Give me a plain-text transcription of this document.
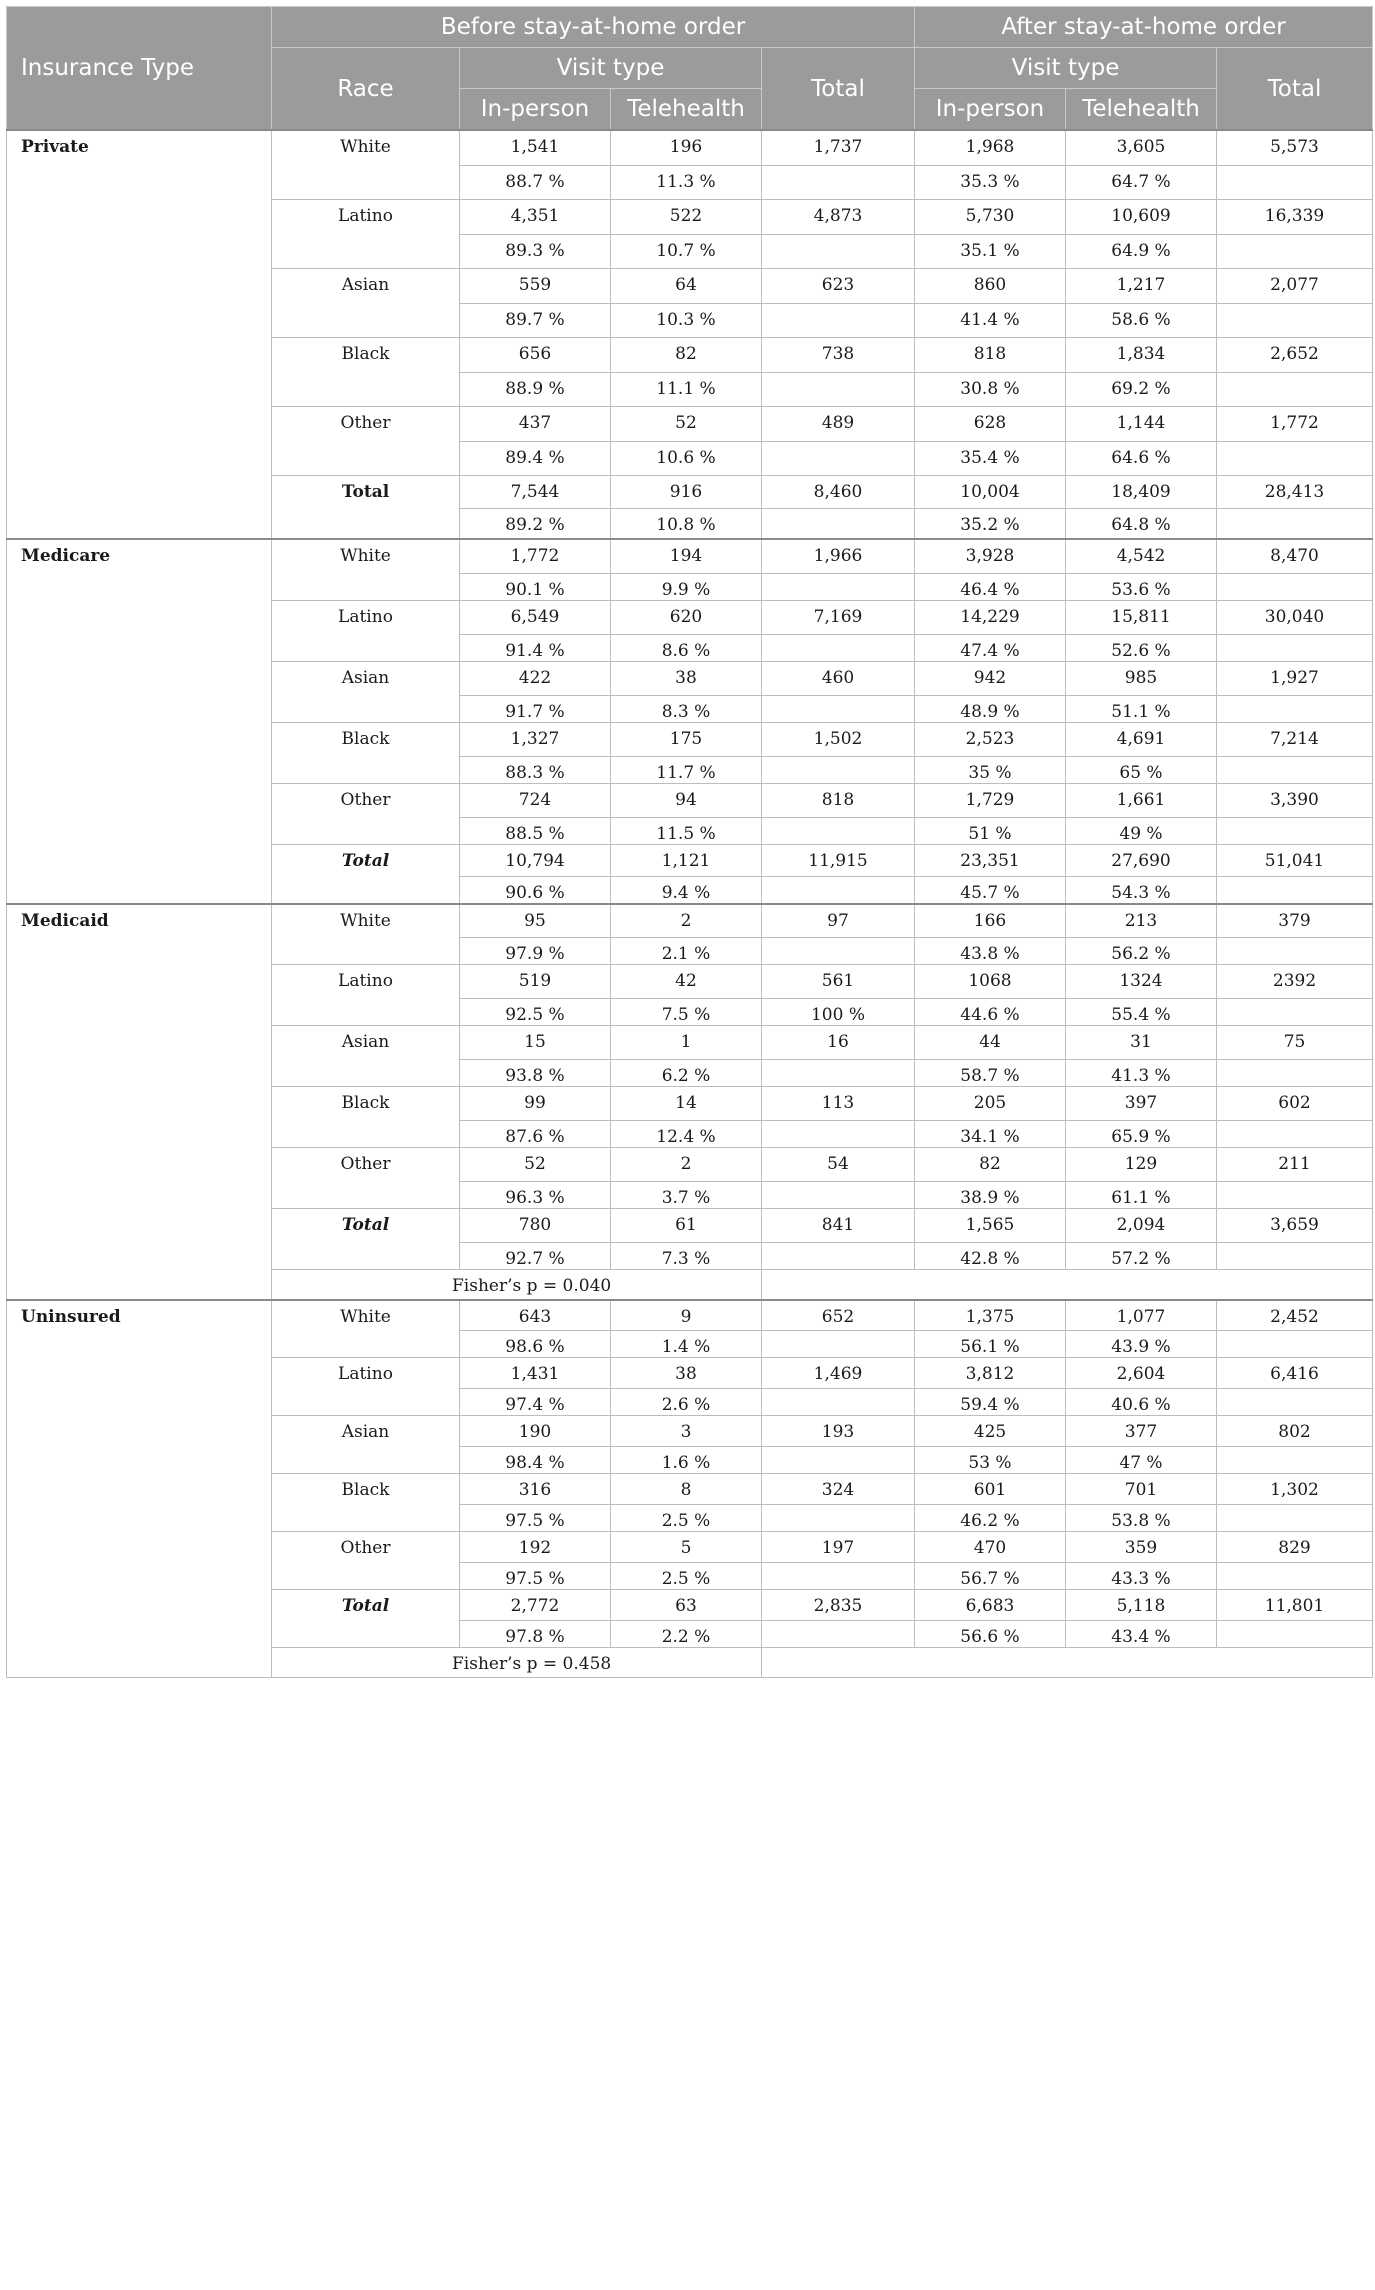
Insurance Type	Before stay-at-home order				After stay-at-home order		
	Race	Visit type		Total	Visit type		Total
		In-person	Telehealth		In-person	Telehealth	
Private	White	1,541	196	1,737	1,968	3,605	5,573
		88.7 %	11.3 %		35.3 %	64.7 %	
	Latino	4,351	522	4,873	5,730	10,609	16,339
		89.3 %	10.7 %		35.1 %	64.9 %	
	Asian	559	64	623	860	1,217	2,077
		89.7 %	10.3 %		41.4 %	58.6 %	
	Black	656	82	738	818	1,834	2,652
		88.9 %	11.1 %		30.8 %	69.2 %	
	Other	437	52	489	628	1,144	1,772
		89.4 %	10.6 %		35.4 %	64.6 %	
	Total	7,544	916	8,460	10,004	18,409	28,413
		89.2 %	10.8 %		35.2 %	64.8 %	
Medicare	White	1,772	194	1,966	3,928	4,542	8,470
		90.1 %	9.9 %		46.4 %	53.6 %	
	Latino	6,549	620	7,169	14,229	15,811	30,040
		91.4 %	8.6 %		47.4 %	52.6 %	
	Asian	422	38	460	942	985	1,927
		91.7 %	8.3 %		48.9 %	51.1 %	
	Black	1,327	175	1,502	2,523	4,691	7,214
		88.3 %	11.7 %		35 %	65 %	
	Other	724	94	818	1,729	1,661	3,390
		88.5 %	11.5 %		51 %	49 %	
	Total	10,794	1,121	11,915	23,351	27,690	51,041
		90.6 %	9.4 %		45.7 %	54.3 %	
Medicaid	White	95	2	97	166	213	379
		97.9 %	2.1 %		43.8 %	56.2 %	
	Latino	519	42	561	1068	1324	2392
		92.5 %	7.5 %	100 %	44.6 %	55.4 %	
	Asian	15	1	16	44	31	75
		93.8 %	6.2 %		58.7 %	41.3 %	
	Black	99	14	113	205	397	602
		87.6 %	12.4 %		34.1 %	65.9 %	
	Other	52	2	54	82	129	211
		96.3 %	3.7 %		38.9 %	61.1 %	
	Total	780	61	841	1,565	2,094	3,659
		92.7 %	7.3 %		42.8 %	57.2 %	
	Fisher’s p = 0.040						
Uninsured	White	643	9	652	1,375	1,077	2,452
		98.6 %	1.4 %		56.1 %	43.9 %	
	Latino	1,431	38	1,469	3,812	2,604	6,416
		97.4 %	2.6 %		59.4 %	40.6 %	
	Asian	190	3	193	425	377	802
		98.4 %	1.6 %		53 %	47 %	
	Black	316	8	324	601	701	1,302
		97.5 %	2.5 %		46.2 %	53.8 %	
	Other	192	5	197	470	359	829
		97.5 %	2.5 %		56.7 %	43.3 %	
	Total	2,772	63	2,835	6,683	5,118	11,801
		97.8 %	2.2 %		56.6 %	43.4 %	
	Fisher’s p = 0.458						
